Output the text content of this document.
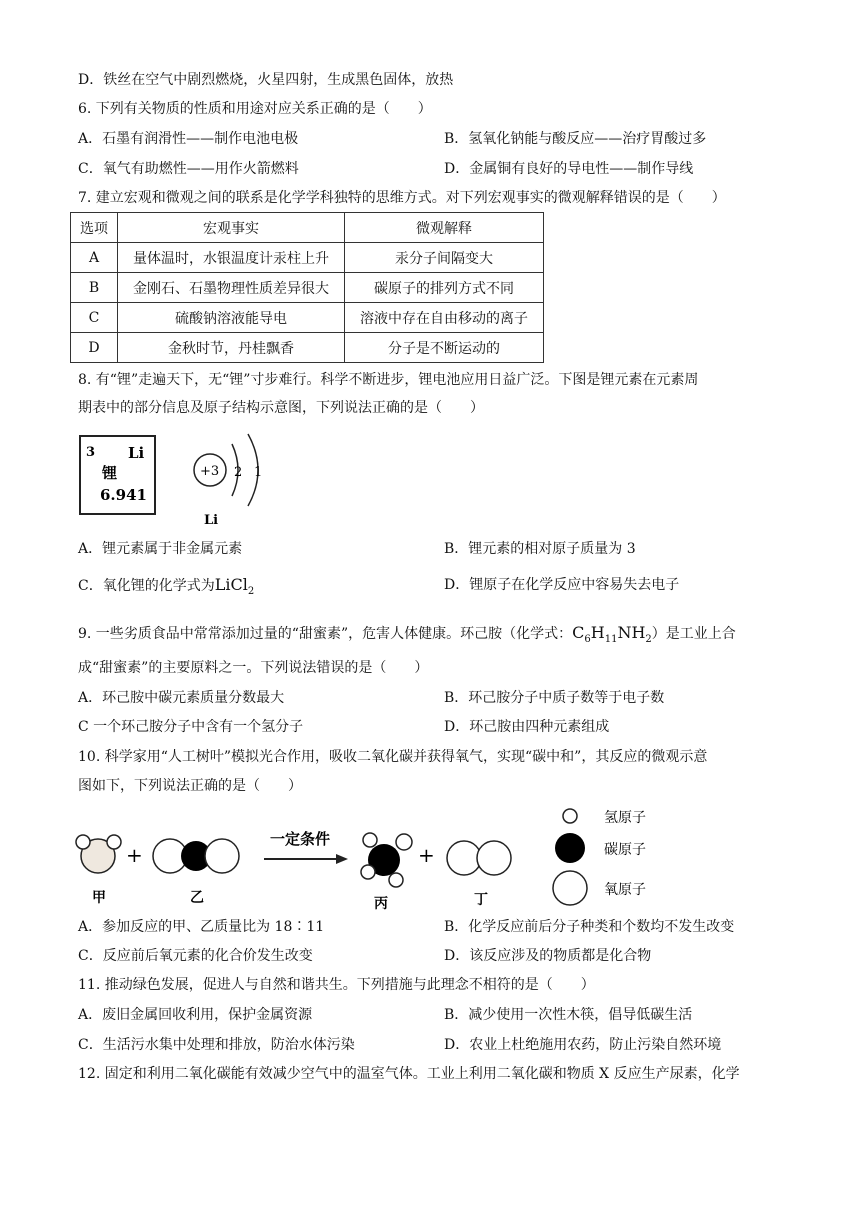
D．铁丝在空气中剧烈燃烧，火星四射，生成黑色固体，放热
6. 下列有关物质的性质和用途对应关系正确的是（　　）
A．石墨有润滑性——制作电池电极	B．氢氧化钠能与酸反应——治疗胃酸过多
C．氧气有助燃性——用作火箭燃料	D．金属铜有良好的导电性——制作导线
7. 建立宏观和微观之间的联系是化学学科独特的思维方式。对下列宏观事实的微观解释错误的是（　　）
选项	宏观事实	微观解释
A	量体温时，水银温度计汞柱上升	汞分子间隔变大
B	金刚石、石墨物理性质差异很大	碳原子的排列方式不同
C	硫酸钠溶液能导电	溶液中存在自由移动的离子
D	金秋时节，丹桂飘香	分子是不断运动的
8. 有“锂”走遍天下，无“锂”寸步难行。科学不断进步，锂电池应用日益广泛。下图是锂元素在元素周
期表中的部分信息及原子结构示意图，下列说法正确的是（　　）
3 Li
锂
6.941
+3 2 1
Li
A．锂元素属于非金属元素	B．锂元素的相对原子质量为 3
C．氧化锂的化学式为LiCl$_2$	D．锂原子在化学反应中容易失去电子
9. 一些劣质食品中常常添加过量的“甜蜜素”，危害人体健康。环己胺（化学式：$C_6H_{11}NH_2$）是工业上合
成“甜蜜素”的主要原料之一。下列说法错误的是（　　）
A．环己胺中碳元素质量分数最大	B．环己胺分子中质子数等于电子数
C 一个环己胺分子中含有一个氢分子	D．环己胺由四种元素组成
10. 科学家用“人工树叶”模拟光合作用，吸收二氧化碳并获得氧气，实现“碳中和”，其反应的微观示意
图如下，下列说法正确的是（　　）
甲
+
乙
一定条件
丙
+
丁
氢原子
碳原子
氧原子
A．参加反应的甲、乙质量比为 18∶11	B．化学反应前后分子种类和个数均不发生改变
C．反应前后氧元素的化合价发生改变	D．该反应涉及的物质都是化合物
11. 推动绿色发展，促进人与自然和谐共生。下列措施与此理念不相符的是（　　）
A．废旧金属回收利用，保护金属资源	B．减少使用一次性木筷，倡导低碳生活
C．生活污水集中处理和排放，防治水体污染	D．农业上杜绝施用农药，防止污染自然环境
12. 固定和利用二氧化碳能有效减少空气中的温室气体。工业上利用二氧化碳和物质 X 反应生产尿素，化学
